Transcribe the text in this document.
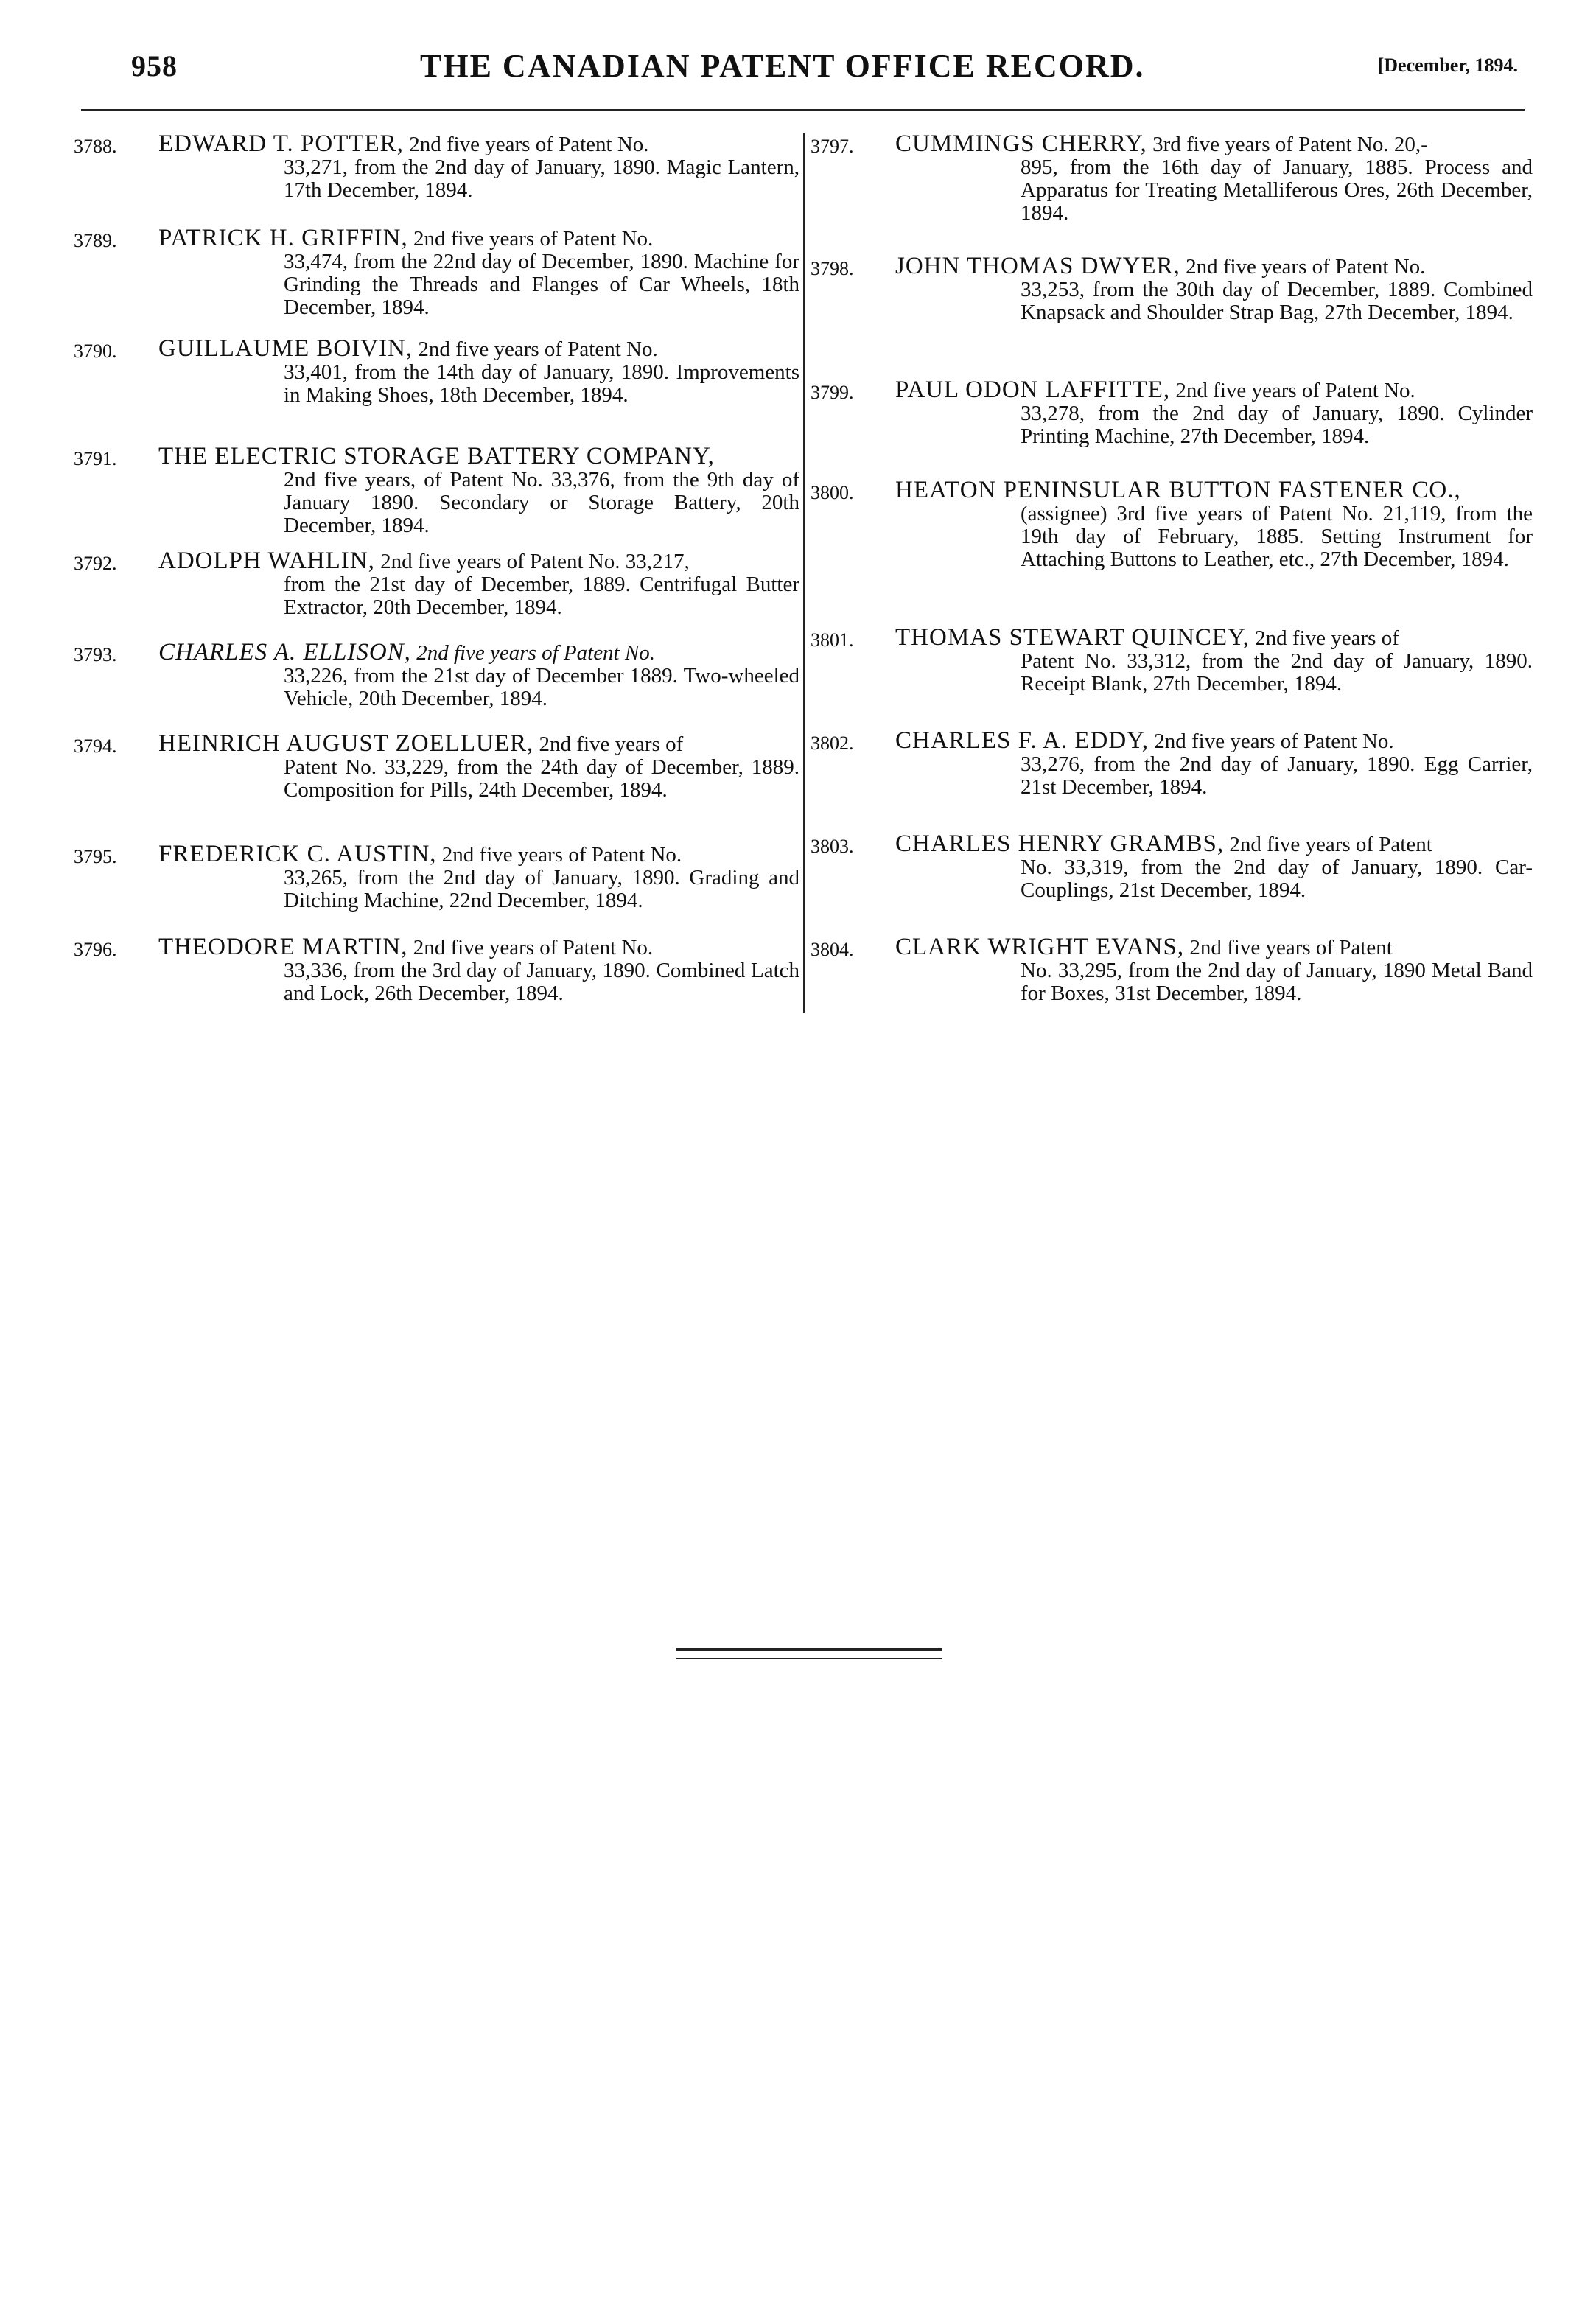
958	THE CANADIAN PATENT OFFICE RECORD.	[December, 1894.
3788.	EDWARD T. POTTER, 2nd five years of Patent No.
33,271, from the 2nd day of January, 1890. Magic Lantern, 17th December, 1894.
3789.	PATRICK H. GRIFFIN, 2nd five years of Patent No.
33,474, from the 22nd day of December, 1890. Machine for Grinding the Threads and Flanges of Car Wheels, 18th December, 1894.
3790.	GUILLAUME BOIVIN, 2nd five years of Patent No.
33,401, from the 14th day of January, 1890. Improvements in Making Shoes, 18th December, 1894.
3791.	THE ELECTRIC STORAGE BATTERY COMPANY,
2nd five years, of Patent No. 33,376, from the 9th day of January 1890. Secondary or Storage Battery, 20th December, 1894.
3792.	ADOLPH WAHLIN, 2nd five years of Patent No. 33,217,
from the 21st day of December, 1889. Centrifugal Butter Extractor, 20th December, 1894.
3793.	CHARLES A. ELLISON, 2nd five years of Patent No.
33,226, from the 21st day of December 1889. Two-wheeled Vehicle, 20th December, 1894.
3794.	HEINRICH AUGUST ZOELLUER, 2nd five years of
Patent No. 33,229, from the 24th day of December, 1889. Composition for Pills, 24th December, 1894.
3795.	FREDERICK C. AUSTIN, 2nd five years of Patent No.
33,265, from the 2nd day of January, 1890. Grading and Ditching Machine, 22nd December, 1894.
3796.	THEODORE MARTIN, 2nd five years of Patent No.
33,336, from the 3rd day of January, 1890. Combined Latch and Lock, 26th December, 1894.
3797.	CUMMINGS CHERRY, 3rd five years of Patent No. 20,-
895, from the 16th day of January, 1885. Process and Apparatus for Treating Metalliferous Ores, 26th December, 1894.
3798.	JOHN THOMAS DWYER, 2nd five years of Patent No.
33,253, from the 30th day of December, 1889. Combined Knapsack and Shoulder Strap Bag, 27th December, 1894.
3799.	PAUL ODON LAFFITTE, 2nd five years of Patent No.
33,278, from the 2nd day of January, 1890. Cylinder Printing Machine, 27th December, 1894.
3800.	HEATON PENINSULAR BUTTON FASTENER CO.,
(assignee) 3rd five years of Patent No. 21,119, from the 19th day of February, 1885. Setting Instrument for Attaching Buttons to Leather, etc., 27th December, 1894.
3801.	THOMAS STEWART QUINCEY, 2nd five years of
Patent No. 33,312, from the 2nd day of January, 1890. Receipt Blank, 27th December, 1894.
3802.	CHARLES F. A. EDDY, 2nd five years of Patent No.
33,276, from the 2nd day of January, 1890. Egg Carrier, 21st December, 1894.
3803.	CHARLES HENRY GRAMBS, 2nd five years of Patent
No. 33,319, from the 2nd day of January, 1890. Car-Couplings, 21st December, 1894.
3804.	CLARK WRIGHT EVANS, 2nd five years of Patent
No. 33,295, from the 2nd day of January, 1890 Metal Band for Boxes, 31st December, 1894.
